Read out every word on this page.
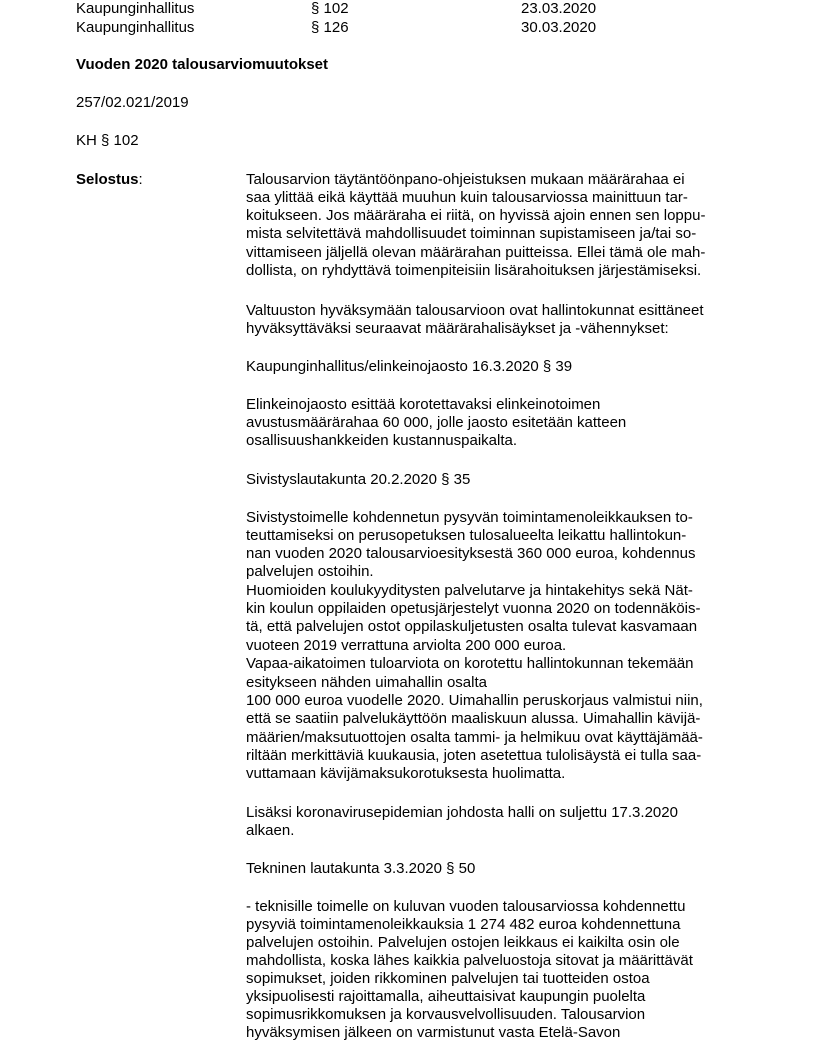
Kaupunginhallitus	§ 102	23.03.2020
Kaupunginhallitus	§ 126	30.03.2020
Vuoden 2020 talousarviomuutokset
257/02.021/2019
KH § 102
Selostus:	Talousarvion täytäntöönpano-ohjeistuksen mukaan määrärahaa ei
saa ylittää eikä käyttää muuhun kuin talousarviossa mainittuun tar-
koitukseen. Jos määräraha ei riitä, on hyvissä ajoin ennen sen loppu-
mista selvitettävä mahdollisuudet toiminnan supistamiseen ja/tai so-
vittamiseen jäljellä olevan määrärahan puitteissa. Ellei tämä ole mah-
dollista, on ryhdyttävä toimenpiteisiin lisärahoituksen järjestämiseksi.
Valtuuston hyväksymään talousarvioon ovat hallintokunnat esittäneet
hyväksyttäväksi seuraavat määrärahalisäykset ja -vähennykset:
Kaupunginhallitus/elinkeinojaosto 16.3.2020 § 39
Elinkeinojaosto esittää korotettavaksi elinkeinotoimen
avustusmäärärahaa 60 000, jolle jaosto esitetään katteen
osallisuushankkeiden kustannuspaikalta.
Sivistyslautakunta 20.2.2020 § 35
Sivistystoimelle kohdennetun pysyvän toimintamenoleikkauksen to-
teuttamiseksi on perusopetuksen tulosalueelta leikattu hallintokun-
nan vuoden 2020 talousarvioesityksestä 360 000 euroa, kohdennus
palvelujen ostoihin.
Huomioiden koulukyyditysten palvelutarve ja hintakehitys sekä Nät-
kin koulun oppilaiden opetusjärjestelyt vuonna 2020 on todennäköis-
tä, että palvelujen ostot oppilaskuljetusten osalta tulevat kasvamaan
vuoteen 2019 verrattuna arviolta 200 000 euroa.
Vapaa-aikatoimen tuloarviota on korotettu hallintokunnan tekemään
esitykseen nähden uimahallin osalta
100 000 euroa vuodelle 2020. Uimahallin peruskorjaus valmistui niin,
että se saatiin palvelukäyttöön maaliskuun alussa. Uimahallin kävijä-
määrien/maksutuottojen osalta tammi- ja helmikuu ovat käyttäjämää-
riltään merkittäviä kuukausia, joten asetettua tulolisäystä ei tulla saa-
vuttamaan kävijämaksukorotuksesta huolimatta.
Lisäksi koronavirusepidemian johdosta halli on suljettu 17.3.2020
alkaen.
Tekninen lautakunta 3.3.2020 § 50
- teknisille toimelle on kuluvan vuoden talousarviossa kohdennettu
pysyviä toimintamenoleikkauksia 1 274 482 euroa kohdennettuna
palvelujen ostoihin. Palvelujen ostojen leikkaus ei kaikilta osin ole
mahdollista, koska lähes kaikkia palveluostoja sitovat ja määrittävät
sopimukset, joiden rikkominen palvelujen tai tuotteiden ostoa
yksipuolisesti rajoittamalla, aiheuttaisivat kaupungin puolelta
sopimusrikkomuksen ja korvausvelvollisuuden. Talousarvion
hyväksymisen jälkeen on varmistunut vasta Etelä-Savon
